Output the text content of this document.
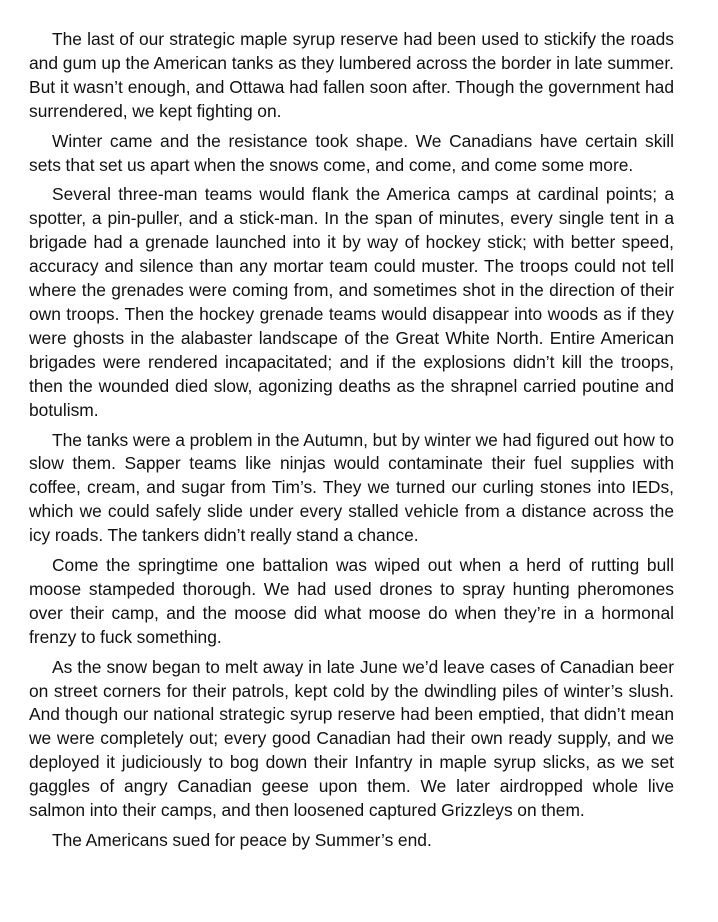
The last of our strategic maple syrup reserve had been used to stickify the roads and gum up the American tanks as they lumbered across the border in late summer. But it wasn’t enough, and Ottawa had fallen soon after. Though the government had surrendered, we kept fighting on.

Winter came and the resistance took shape. We Canadians have certain skill sets that set us apart when the snows come, and come, and come some more.

Several three-man teams would flank the America camps at cardinal points; a spotter, a pin-puller, and a stick-man. In the span of minutes, every single tent in a brigade had a grenade launched into it by way of hockey stick; with better speed, accuracy and silence than any mortar team could muster. The troops could not tell where the grenades were coming from, and sometimes shot in the direction of their own troops. Then the hockey grenade teams would disappear into woods as if they were ghosts in the alabaster landscape of the Great White North. Entire American brigades were rendered incapacitated; and if the explosions didn’t kill the troops, then the wounded died slow, agonizing deaths as the shrapnel carried poutine and botulism.

The tanks were a problem in the Autumn, but by winter we had figured out how to slow them. Sapper teams like ninjas would contaminate their fuel supplies with coffee, cream, and sugar from Tim’s. They we turned our curling stones into IEDs, which we could safely slide under every stalled vehicle from a distance across the icy roads. The tankers didn’t really stand a chance.

Come the springtime one battalion was wiped out when a herd of rutting bull moose stampeded thorough. We had used drones to spray hunting pheromones over their camp, and the moose did what moose do when they’re in a hormonal frenzy to fuck something.

As the snow began to melt away in late June we’d leave cases of Canadian beer on street corners for their patrols, kept cold by the dwindling piles of winter’s slush. And though our national strategic syrup reserve had been emptied, that didn’t mean we were completely out; every good Canadian had their own ready supply, and we deployed it judiciously to bog down their Infantry in maple syrup slicks, as we set gaggles of angry Canadian geese upon them. We later airdropped whole live salmon into their camps, and then loosened captured Grizzleys on them.

The Americans sued for peace by Summer’s end.
